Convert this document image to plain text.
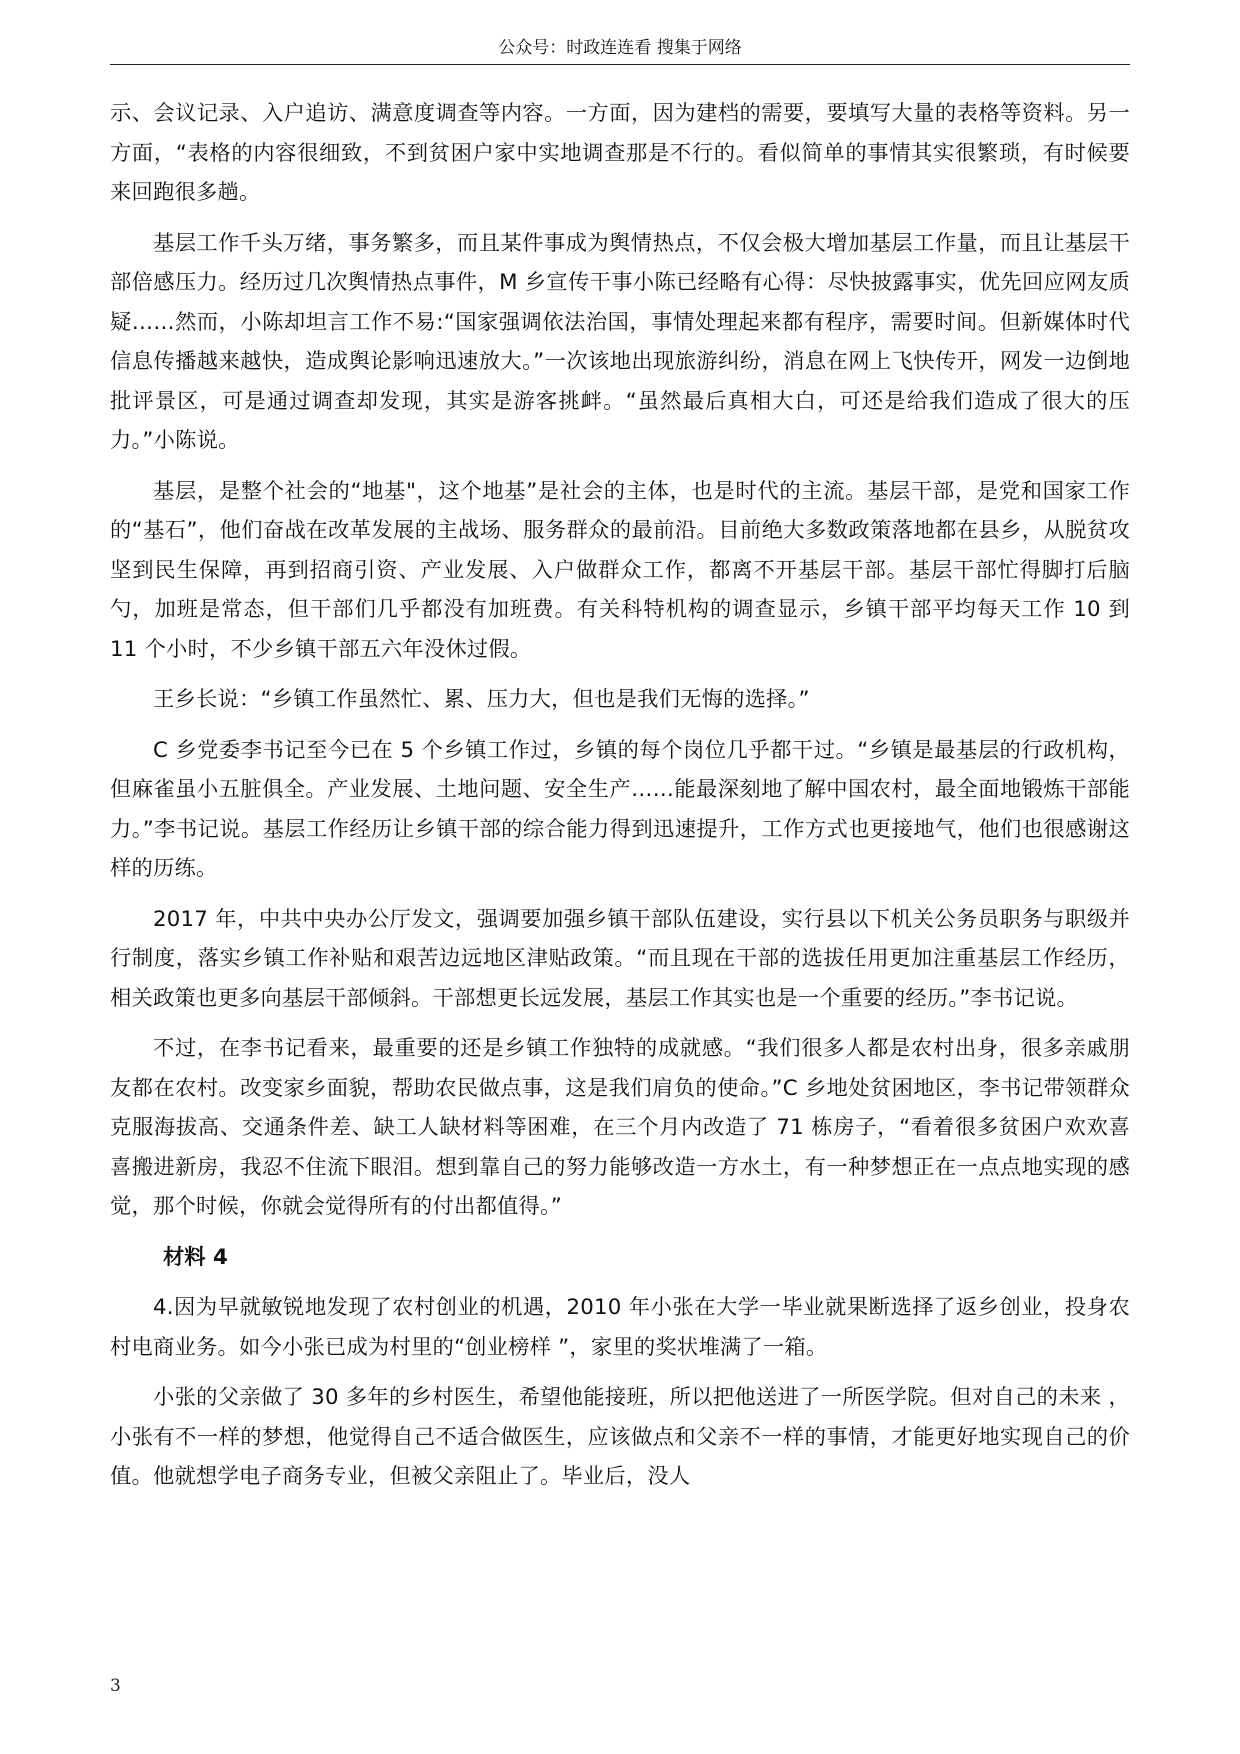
公众号：时政连连看 搜集于网络

示、会议记录、入户追访、满意度调查等内容。一方面，因为建档的需要，要填写大量的表格等资料。另一方面，“表格的内容很细致，不到贫困户家中实地调查那是不行的。看似简单的事情其实很繁琐，有时候要来回跑很多趟。

基层工作千头万绪，事务繁多，而且某件事成为舆情热点，不仅会极大增加基层工作量，而且让基层干部倍感压力。经历过几次舆情热点事件，M 乡宣传干事小陈已经略有心得：尽快披露事实，优先回应网友质疑……然而，小陈却坦言工作不易:“国家强调依法治国，事情处理起来都有程序，需要时间。但新媒体时代信息传播越来越快，造成舆论影响迅速放大。”一次该地出现旅游纠纷，消息在网上飞快传开，网发一边倒地批评景区，可是通过调查却发现，其实是游客挑衅。“虽然最后真相大白，可还是给我们造成了很大的压力。”小陈说。

基层，是整个社会的“地基"，这个地基”是社会的主体，也是时代的主流。基层干部，是党和国家工作的“基石”，他们奋战在改革发展的主战场、服务群众的最前沿。目前绝大多数政策落地都在县乡，从脱贫攻坚到民生保障，再到招商引资、产业发展、入户做群众工作，都离不开基层干部。基层干部忙得脚打后脑勺，加班是常态，但干部们几乎都没有加班费。有关科特机构的调查显示，乡镇干部平均每天工作 10 到 11 个小时，不少乡镇干部五六年没休过假。

王乡长说：“乡镇工作虽然忙、累、压力大，但也是我们无悔的选择。”

C 乡党委李书记至今已在 5 个乡镇工作过，乡镇的每个岗位几乎都干过。“乡镇是最基层的行政机构，但麻雀虽小五脏俱全。产业发展、土地问题、安全生产……能最深刻地了解中国农村，最全面地锻炼干部能力。”李书记说。基层工作经历让乡镇干部的综合能力得到迅速提升，工作方式也更接地气，他们也很感谢这样的历练。

2017 年，中共中央办公厅发文，强调要加强乡镇干部队伍建设，实行县以下机关公务员职务与职级并行制度，落实乡镇工作补贴和艰苦边远地区津贴政策。“而且现在干部的选拔任用更加注重基层工作经历，相关政策也更多向基层干部倾斜。干部想更长远发展，基层工作其实也是一个重要的经历。”李书记说。

不过，在李书记看来，最重要的还是乡镇工作独特的成就感。“我们很多人都是农村出身，很多亲戚朋友都在农村。改变家乡面貌，帮助农民做点事，这是我们肩负的使命。”C 乡地处贫困地区，李书记带领群众克服海拔高、交通条件差、缺工人缺材料等困难，在三个月内改造了 71 栋房子，“看着很多贫困户欢欢喜喜搬进新房，我忍不住流下眼泪。想到靠自己的努力能够改造一方水土，有一种梦想正在一点点地实现的感觉，那个时候，你就会觉得所有的付出都值得。”

材料 4

4.因为早就敏锐地发现了农村创业的机遇，2010 年小张在大学一毕业就果断选择了返乡创业，投身农村电商业务。如今小张已成为村里的“创业榜样 ”，家里的奖状堆满了一箱。

小张的父亲做了 30 多年的乡村医生，希望他能接班，所以把他送进了一所医学院。但对自己的未来 ，小张有不一样的梦想，他觉得自己不适合做医生，应该做点和父亲不一样的事情，才能更好地实现自己的价值。他就想学电子商务专业，但被父亲阻止了。毕业后，没人

3
